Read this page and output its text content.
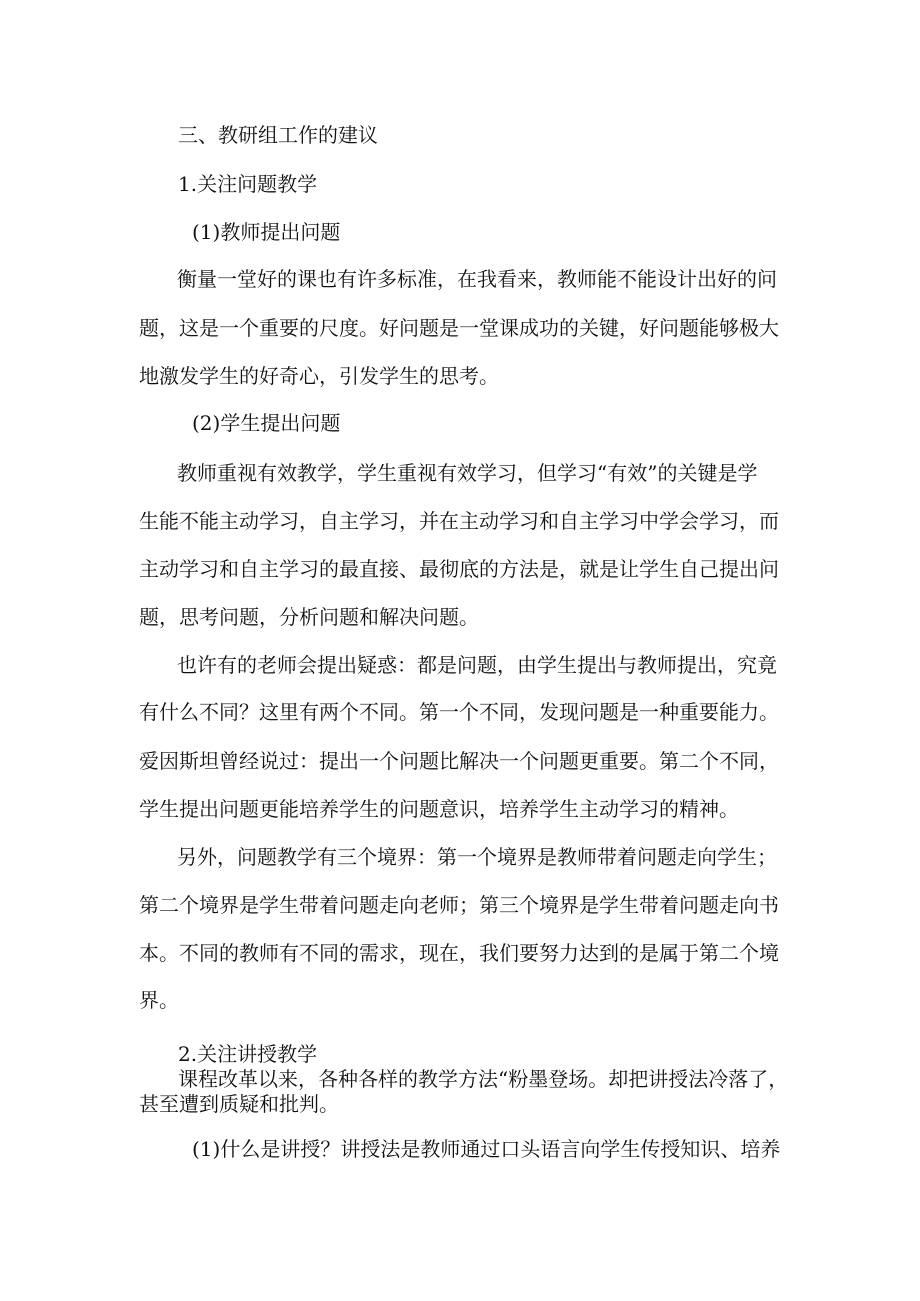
三、教研组工作的建议
1.关注问题教学
(1)教师提出问题
衡量一堂好的课也有许多标准，在我看来，教师能不能设计出好的问
题，这是一个重要的尺度。好问题是一堂课成功的关键，好问题能够极大
地激发学生的好奇心，引发学生的思考。
(2)学生提出问题
教师重视有效教学，学生重视有效学习，但学习“有效”的关键是学
生能不能主动学习，自主学习，并在主动学习和自主学习中学会学习，而
主动学习和自主学习的最直接、最彻底的方法是，就是让学生自己提出问
题，思考问题，分析问题和解决问题。
也许有的老师会提出疑惑：都是问题，由学生提出与教师提出，究竟
有什么不同？这里有两个不同。第一个不同，发现问题是一种重要能力。
爱因斯坦曾经说过：提出一个问题比解决一个问题更重要。第二个不同，
学生提出问题更能培养学生的问题意识，培养学生主动学习的精神。
另外，问题教学有三个境界：第一个境界是教师带着问题走向学生；
第二个境界是学生带着问题走向老师；第三个境界是学生带着问题走向书
本。不同的教师有不同的需求，现在，我们要努力达到的是属于第二个境
界。
2.关注讲授教学
课程改革以来，各种各样的教学方法“粉墨登场。却把讲授法冷落了，
甚至遭到质疑和批判。
(1)什么是讲授？讲授法是教师通过口头语言向学生传授知识、培养
